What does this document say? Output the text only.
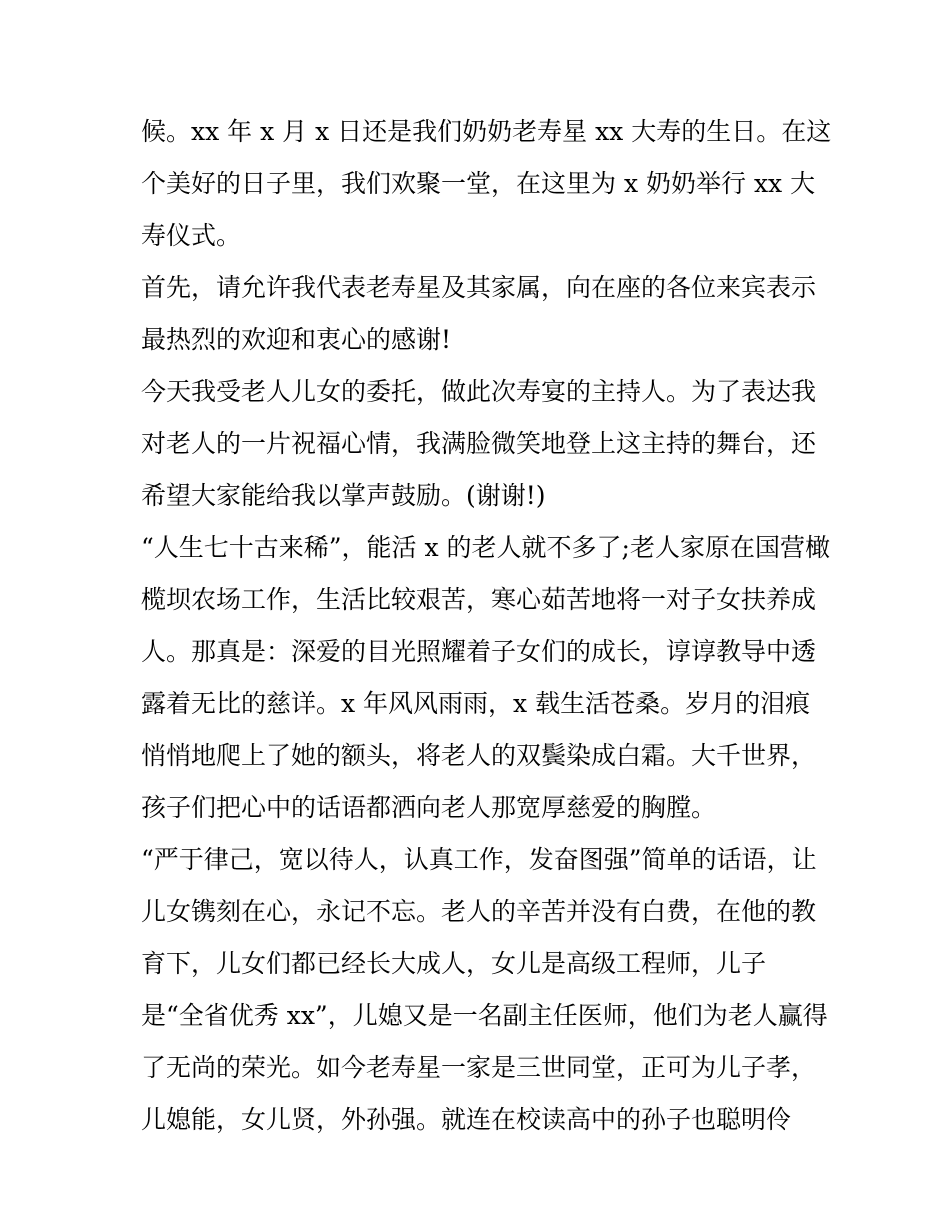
候。xx 年 x 月 x 日还是我们奶奶老寿星 xx 大寿的生日。在这
个美好的日子里，我们欢聚一堂，在这里为 x 奶奶举行 xx 大
寿仪式。
首先，请允许我代表老寿星及其家属，向在座的各位来宾表示
最热烈的欢迎和衷心的感谢!
今天我受老人儿女的委托，做此次寿宴的主持人。为了表达我
对老人的一片祝福心情，我满脸微笑地登上这主持的舞台，还
希望大家能给我以掌声鼓励。(谢谢!)
“人生七十古来稀”，能活 x 的老人就不多了;老人家原在国营橄
榄坝农场工作，生活比较艰苦，寒心茹苦地将一对子女扶养成
人。那真是：深爱的目光照耀着子女们的成长，谆谆教导中透
露着无比的慈详。x 年风风雨雨，x 载生活苍桑。岁月的泪痕
悄悄地爬上了她的额头，将老人的双鬓染成白霜。大千世界，
孩子们把心中的话语都洒向老人那宽厚慈爱的胸膛。
“严于律己，宽以待人，认真工作，发奋图强”简单的话语，让
儿女镌刻在心，永记不忘。老人的辛苦并没有白费，在他的教
育下，儿女们都已经长大成人，女儿是高级工程师，儿子
是“全省优秀 xx”，儿媳又是一名副主任医师，他们为老人赢得
了无尚的荣光。如今老寿星一家是三世同堂，正可为儿子孝，
儿媳能，女儿贤，外孙强。就连在校读高中的孙子也聪明伶
